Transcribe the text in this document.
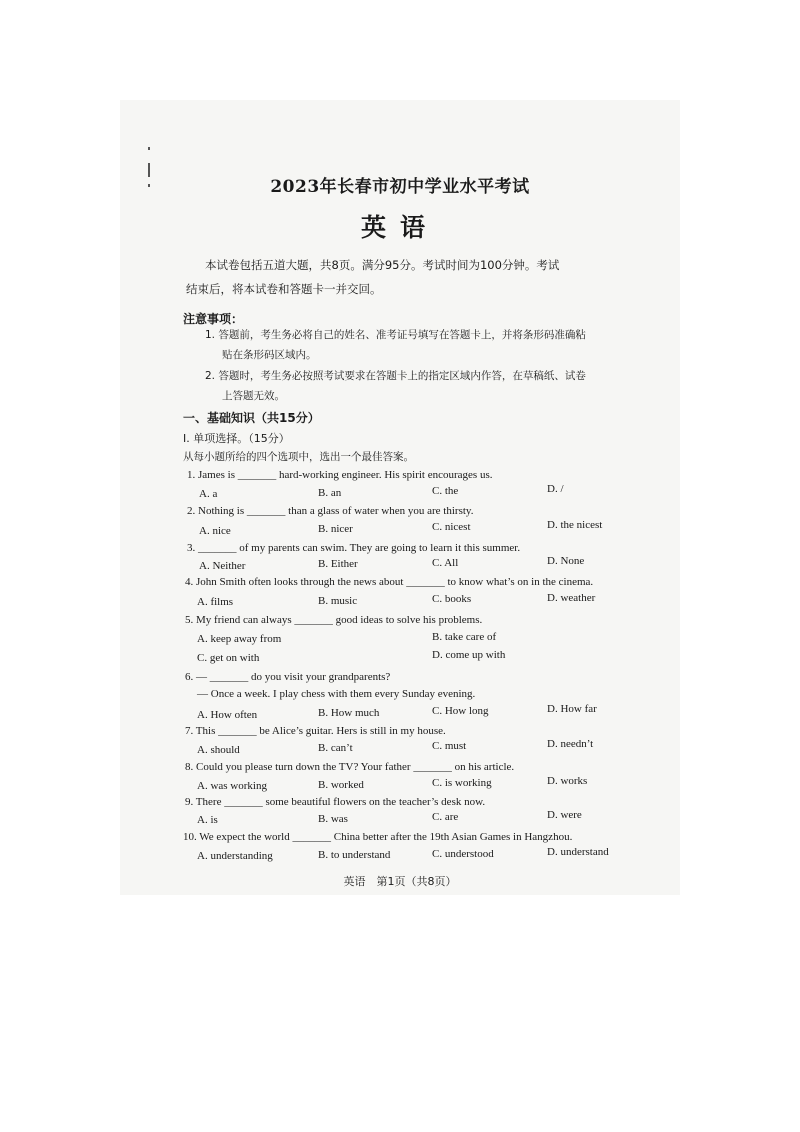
2023年长春市初中学业水平考试
英语
本试卷包括五道大题，共8页。满分95分。考试时间为100分钟。考试
结束后，将本试卷和答题卡一并交回。
注意事项：
1. 答题前，考生务必将自己的姓名、准考证号填写在答题卡上，并将条形码准确粘
贴在条形码区域内。
2. 答题时，考生务必按照考试要求在答题卡上的指定区域内作答，在草稿纸、试卷
上答题无效。
一、基础知识（共15分）
I. 单项选择。（15分）
从每小题所给的四个选项中，选出一个最佳答案。
1. James is _______ hard-working engineer. His spirit encourages us.
A. a	B. an	C. the	D. /
2. Nothing is _______ than a glass of water when you are thirsty.
A. nice	B. nicer	C. nicest	D. the nicest
3. _______ of my parents can swim. They are going to learn it this summer.
A. Neither	B. Either	C. All	D. None
4. John Smith often looks through the news about _______ to know what’s on in the cinema.
A. films	B. music	C. books	D. weather
5. My friend can always _______ good ideas to solve his problems.
A. keep away from	B. take care of
C. get on with	D. come up with
6. — _______ do you visit your grandparents?
— Once a week. I play chess with them every Sunday evening.
A. How often	B. How much	C. How long	D. How far
7. This _______ be Alice’s guitar. Hers is still in my house.
A. should	B. can’t	C. must	D. needn’t
8. Could you please turn down the TV? Your father _______ on his article.
A. was working	B. worked	C. is working	D. works
9. There _______ some beautiful flowers on the teacher’s desk now.
A. is	B. was	C. are	D. were
10. We expect the world _______ China better after the 19th Asian Games in Hangzhou.
A. understanding	B. to understand	C. understood	D. understand
英语　第1页（共8页）
